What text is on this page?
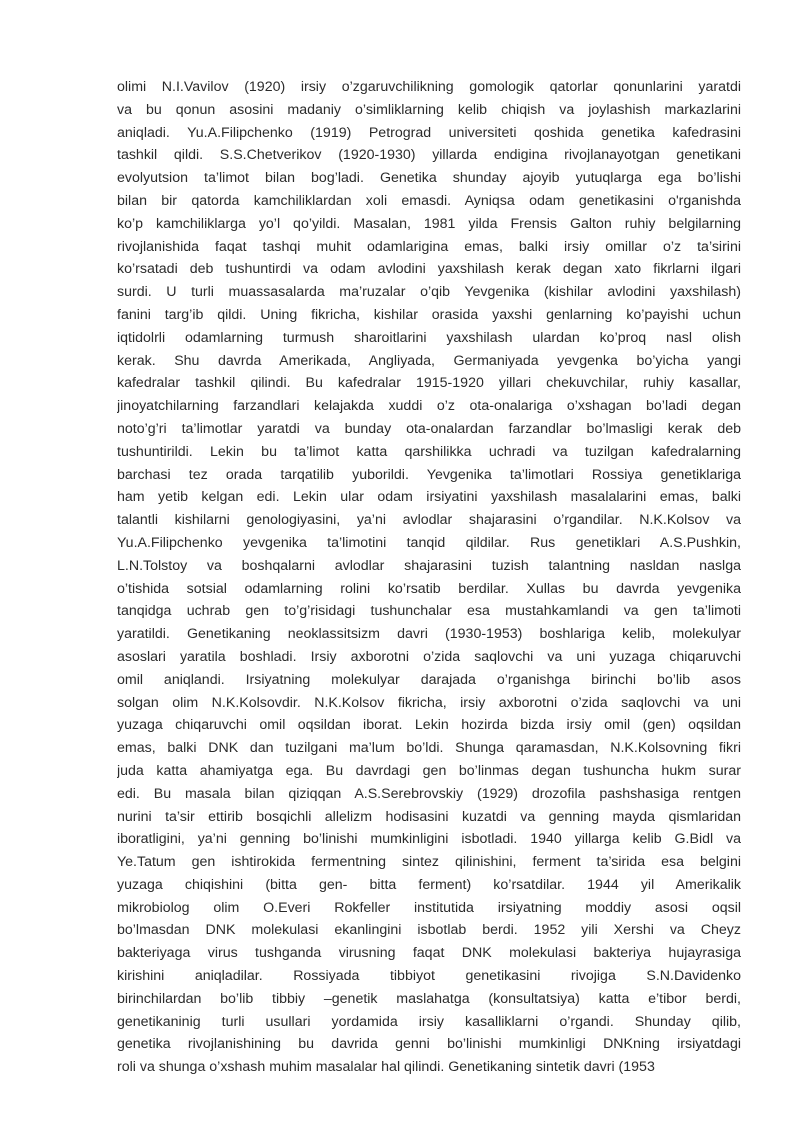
olimi N.I.Vavilov (1920) irsiy o’zgaruvchilikning gomologik qatorlar qonunlarini yaratdi
va bu qonun asosini madaniy o’simliklarning kelib chiqish va joylashish markazlarini
aniqladi. Yu.A.Filipchenko (1919) Petrograd universiteti qoshida genetika kafedrasini
tashkil qildi. S.S.Chetverikov (1920-1930) yillarda endigina rivojlanayotgan genetikani
evolyutsion ta’limot bilan bog’ladi. Genetika shunday ajoyib yutuqlarga ega bo’lishi
bilan bir qatorda kamchiliklardan xoli emasdi. Ayniqsa odam genetikasini o'rganishda
ko’p kamchiliklarga yo’l qo’yildi. Masalan, 1981 yilda Frensis Galton ruhiy belgilarning
rivojlanishida faqat tashqi muhit odamlarigina emas, balki irsiy omillar o’z ta’sirini
ko’rsatadi deb tushuntirdi va odam avlodini yaxshilash kerak degan xato fikrlarni ilgari
surdi. U turli muassasalarda ma’ruzalar o’qib Yevgenika (kishilar avlodini yaxshilash)
fanini targ’ib qildi. Uning fikricha, kishilar orasida yaxshi genlarning ko’payishi uchun
iqtidolrli odamlarning turmush sharoitlarini yaxshilash ulardan ko’proq nasl olish
kerak. Shu davrda Amerikada, Angliyada, Germaniyada yevgenka bo’yicha yangi
kafedralar tashkil qilindi. Bu kafedralar 1915-1920 yillari chekuvchilar, ruhiy kasallar,
jinoyatchilarning farzandlari kelajakda xuddi o’z ota-onalariga o’xshagan bo’ladi degan
noto’g’ri ta’limotlar yaratdi va bunday ota-onalardan farzandlar bo’lmasligi kerak deb
tushuntirildi. Lekin bu ta’limot katta qarshilikka uchradi va tuzilgan kafedralarning
barchasi tez orada tarqatilib yuborildi. Yevgenika ta’limotlari Rossiya genetiklariga
ham yetib kelgan edi. Lekin ular odam irsiyatini yaxshilash masalalarini emas, balki
talantli kishilarni genologiyasini, ya’ni avlodlar shajarasini o’rgandilar. N.K.Kolsov va
Yu.A.Filipchenko yevgenika ta’limotini tanqid qildilar. Rus genetiklari A.S.Pushkin,
L.N.Tolstoy va boshqalarni avlodlar shajarasini tuzish talantning nasldan naslga
o’tishida sotsial odamlarning rolini ko’rsatib berdilar. Xullas bu davrda yevgenika
tanqidga uchrab gen to’g’risidagi tushunchalar esa mustahkamlandi va gen ta’limoti
yaratildi. Genetikaning neoklassitsizm davri (1930-1953) boshlariga kelib, molekulyar
asoslari yaratila boshladi. Irsiy axborotni o’zida saqlovchi va uni yuzaga chiqaruvchi
omil aniqlandi. Irsiyatning molekulyar darajada o’rganishga birinchi bo’lib asos
solgan olim N.K.Kolsovdir. N.K.Kolsov fikricha, irsiy axborotni o’zida saqlovchi va uni
yuzaga chiqaruvchi omil oqsildan iborat. Lekin hozirda bizda irsiy omil (gen) oqsildan
emas, balki DNK dan tuzilgani ma’lum bo’ldi. Shunga qaramasdan, N.K.Kolsovning fikri
juda katta ahamiyatga ega. Bu davrdagi gen bo’linmas degan tushuncha hukm surar
edi. Bu masala bilan qiziqqan A.S.Serebrovskiy (1929) drozofila pashshasiga rentgen
nurini ta’sir ettirib bosqichli allelizm hodisasini kuzatdi va genning mayda qismlaridan
iboratligini, ya’ni genning bo’linishi mumkinligini isbotladi. 1940 yillarga kelib G.Bidl va
Ye.Tatum gen ishtirokida fermentning sintez qilinishini, ferment ta’sirida esa belgini
yuzaga chiqishini (bitta gen- bitta ferment) ko’rsatdilar. 1944 yil Amerikalik
mikrobiolog olim O.Everi Rokfeller institutida irsiyatning moddiy asosi oqsil
bo’lmasdan DNK molekulasi ekanlingini isbotlab berdi. 1952 yili Xershi va Cheyz
bakteriyaga virus tushganda virusning faqat DNK molekulasi bakteriya hujayrasiga
kirishini aniqladilar. Rossiyada tibbiyot genetikasini rivojiga S.N.Davidenko
birinchilardan bo’lib tibbiy –genetik maslahatga (konsultatsiya) katta e’tibor berdi,
genetikaninig turli usullari yordamida irsiy kasalliklarni o’rgandi. Shunday qilib,
genetika rivojlanishining bu davrida genni bo’linishi mumkinligi DNKning irsiyatdagi
roli va shunga o’xshash muhim masalalar hal qilindi. Genetikaning sintetik davri (1953
